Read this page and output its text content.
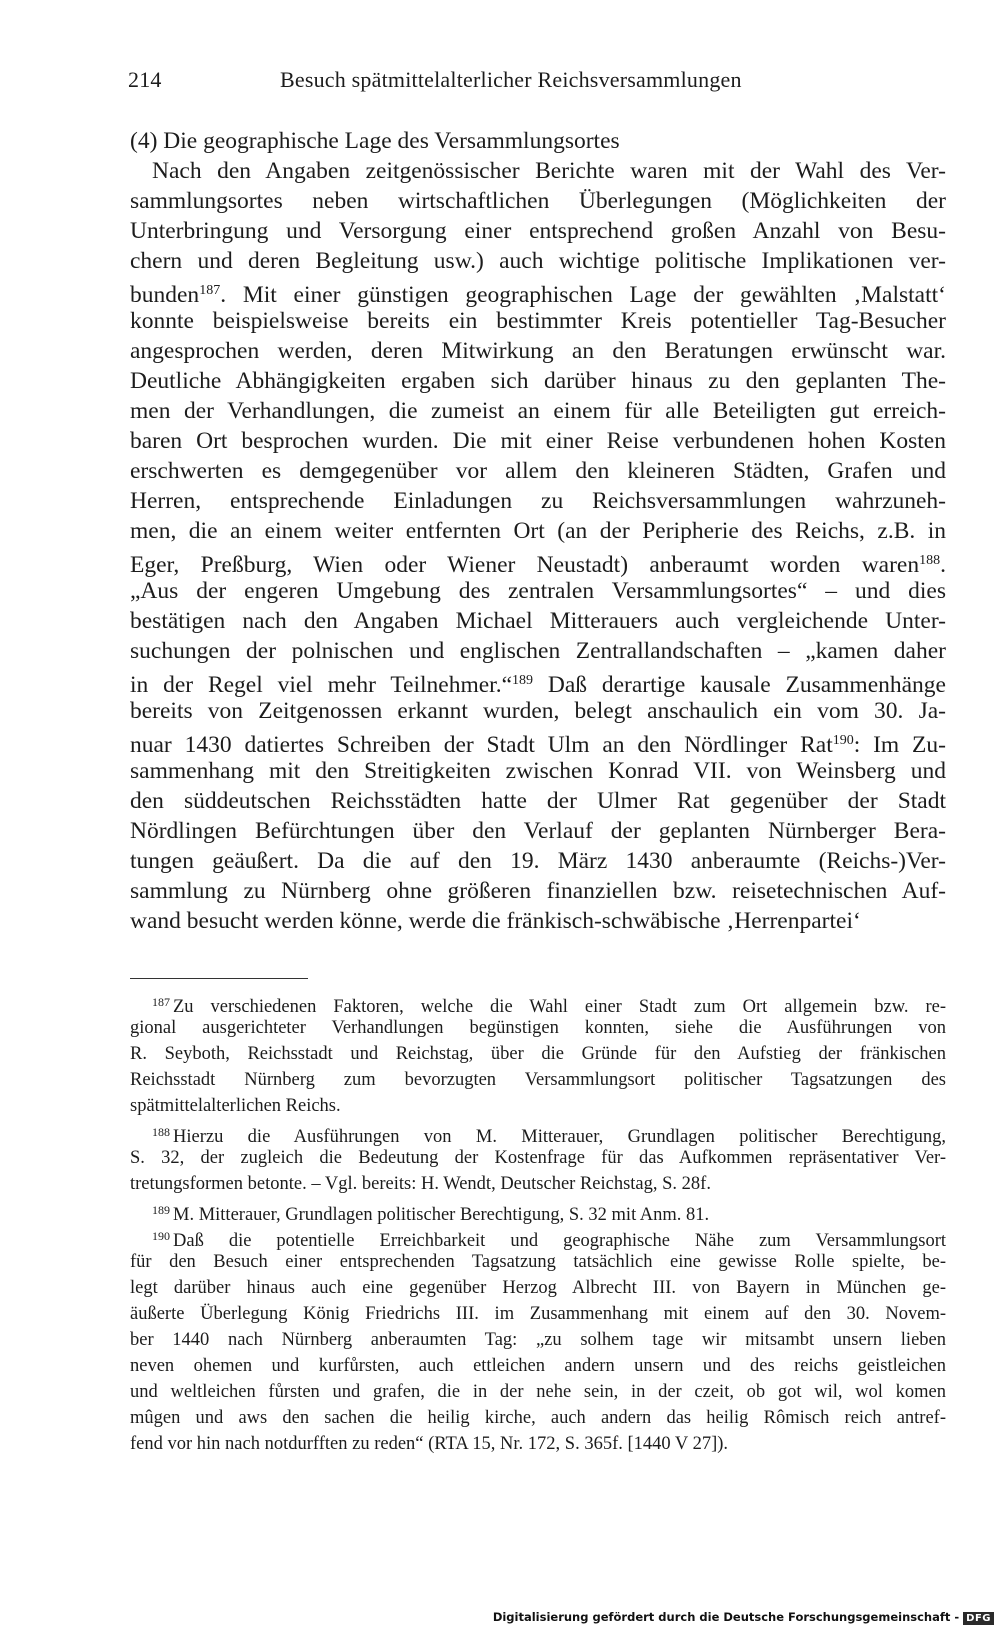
214	Besuch spätmittelalterlicher Reichsversammlungen
(4) Die geographische Lage des Versammlungsortes
Nach den Angaben zeitgenössischer Berichte waren mit der Wahl des Ver-
sammlungsortes neben wirtschaftlichen Überlegungen (Möglichkeiten der
Unterbringung und Versorgung einer entsprechend großen Anzahl von Besu-
chern und deren Begleitung usw.) auch wichtige politische Implikationen ver-
bunden$^{187}$. Mit einer günstigen geographischen Lage der gewählten ‚Malstatt‘
konnte beispielsweise bereits ein bestimmter Kreis potentieller Tag-Besucher
angesprochen werden, deren Mitwirkung an den Beratungen erwünscht war.
Deutliche Abhängigkeiten ergaben sich darüber hinaus zu den geplanten The-
men der Verhandlungen, die zumeist an einem für alle Beteiligten gut erreich-
baren Ort besprochen wurden. Die mit einer Reise verbundenen hohen Kosten
erschwerten es demgegenüber vor allem den kleineren Städten, Grafen und
Herren, entsprechende Einladungen zu Reichsversammlungen wahrzuneh-
men, die an einem weiter entfernten Ort (an der Peripherie des Reichs, z.B. in
Eger, Preßburg, Wien oder Wiener Neustadt) anberaumt worden waren$^{188}$.
„Aus der engeren Umgebung des zentralen Versammlungsortes“ – und dies
bestätigen nach den Angaben Michael Mitterauers auch vergleichende Unter-
suchungen der polnischen und englischen Zentrallandschaften – „kamen daher
in der Regel viel mehr Teilnehmer.“$^{189}$ Daß derartige kausale Zusammenhänge
bereits von Zeitgenossen erkannt wurden, belegt anschaulich ein vom 30. Ja-
nuar 1430 datiertes Schreiben der Stadt Ulm an den Nördlinger Rat$^{190}$: Im Zu-
sammenhang mit den Streitigkeiten zwischen Konrad VII. von Weinsberg und
den süddeutschen Reichsstädten hatte der Ulmer Rat gegenüber der Stadt
Nördlingen Befürchtungen über den Verlauf der geplanten Nürnberger Bera-
tungen geäußert. Da die auf den 19. März 1430 anberaumte (Reichs-)Ver-
sammlung zu Nürnberg ohne größeren finanziellen bzw. reisetechnischen Auf-
wand besucht werden könne, werde die fränkisch-schwäbische ‚Herrenpartei‘
$^{187}$ Zu verschiedenen Faktoren, welche die Wahl einer Stadt zum Ort allgemein bzw. re-
gional ausgerichteter Verhandlungen begünstigen konnten, siehe die Ausführungen von
R. Seyboth, Reichsstadt und Reichstag, über die Gründe für den Aufstieg der fränkischen
Reichsstadt Nürnberg zum bevorzugten Versammlungsort politischer Tagsatzungen des
spätmittelalterlichen Reichs.
$^{188}$ Hierzu die Ausführungen von M. Mitterauer, Grundlagen politischer Berechtigung,
S. 32, der zugleich die Bedeutung der Kostenfrage für das Aufkommen repräsentativer Ver-
tretungsformen betonte. – Vgl. bereits: H. Wendt, Deutscher Reichstag, S. 28f.
$^{189}$ M. Mitterauer, Grundlagen politischer Berechtigung, S. 32 mit Anm. 81.
$^{190}$ Daß die potentielle Erreichbarkeit und geographische Nähe zum Versammlungsort
für den Besuch einer entsprechenden Tagsatzung tatsächlich eine gewisse Rolle spielte, be-
legt darüber hinaus auch eine gegenüber Herzog Albrecht III. von Bayern in München ge-
äußerte Überlegung König Friedrichs III. im Zusammenhang mit einem auf den 30. Novem-
ber 1440 nach Nürnberg anberaumten Tag: „zu solhem tage wir mitsambt unsern lieben
neven ohemen und kurfůrsten, auch ettleichen andern unsern und des reichs geistleichen
und weltleichen fůrsten und grafen, die in der nehe sein, in der czeit, ob got wil, wol komen
mûgen und aws den sachen die heilig kirche, auch andern das heilig Rômisch reich antref-
fend vor hin nach notdurfften zu reden“ (RTA 15, Nr. 172, S. 365f. [1440 V 27]).
Digitalisierung gefördert durch die Deutsche Forschungsgemeinschaft - DFG
